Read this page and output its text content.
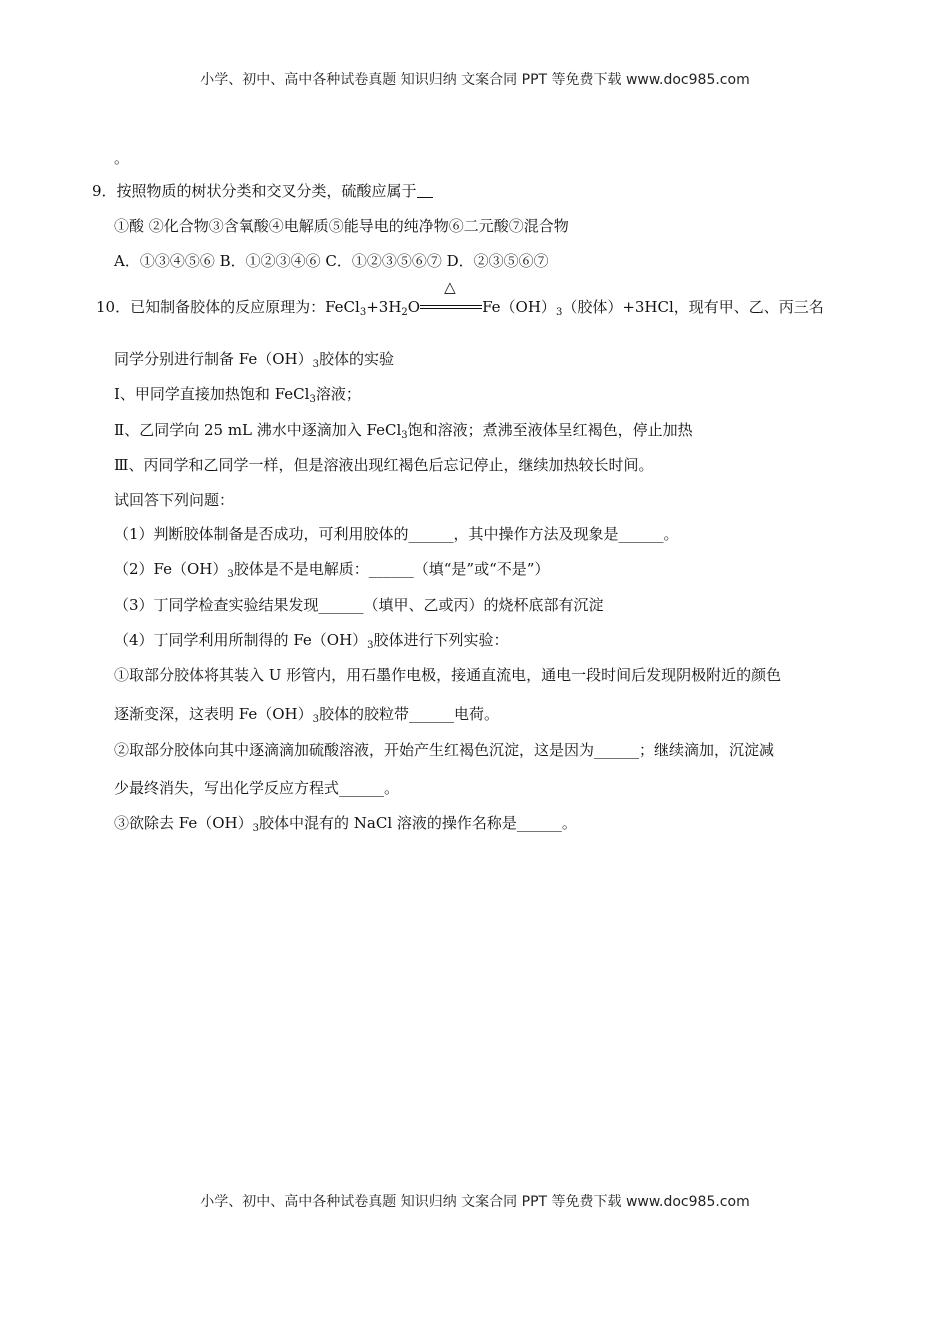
小学、初中、高中各种试卷真题 知识归纳 文案合同 PPT 等免费下载 www.doc985.com
。
9．按照物质的树状分类和交叉分类，硫酸应属于
①酸 ②化合物③含氧酸④电解质⑤能导电的纯净物⑥二元酸⑦混合物
A．①③④⑤⑥ B．①②③④⑥ C．①②③⑤⑥⑦ D．②③⑤⑥⑦
10．已知制备胶体的反应原理为：$FeCl_3+3H_2O$
△
$Fe(OH)_3$（胶体）+3HCl，现有甲、乙、丙三名
同学分别进行制备 $Fe(OH)_3$胶体的实验
Ⅰ、甲同学直接加热饱和 FeCl$_3$溶液；
Ⅱ、乙同学向 25 mL 沸水中逐滴加入 FeCl$_3$饱和溶液；煮沸至液体呈红褐色，停止加热
Ⅲ、丙同学和乙同学一样，但是溶液出现红褐色后忘记停止，继续加热较长时间。
试回答下列问题：
（1）判断胶体制备是否成功，可利用胶体的______，其中操作方法及现象是______。
$(2)Fe(OH)_3$胶体是不是电解质：______（填“是”或“不是”）
（3）丁同学检查实验结果发现______（填甲、乙或丙）的烧杯底部有沉淀
（4）丁同学利用所制得的 $Fe(OH)_3$胶体进行下列实验：
①取部分胶体将其装入 U 形管内，用石墨作电极，接通直流电，通电一段时间后发现阴极附近的颜色
逐渐变深，这表明 $Fe(OH)_3$胶体的胶粒带______电荷。
②取部分胶体向其中逐滴滴加硫酸溶液，开始产生红褐色沉淀，这是因为______；继续滴加，沉淀减
少最终消失，写出化学反应方程式______。
③欲除去 $Fe(OH)_3$胶体中混有的 NaCl 溶液的操作名称是______。
小学、初中、高中各种试卷真题 知识归纳 文案合同 PPT 等免费下载 www.doc985.com
